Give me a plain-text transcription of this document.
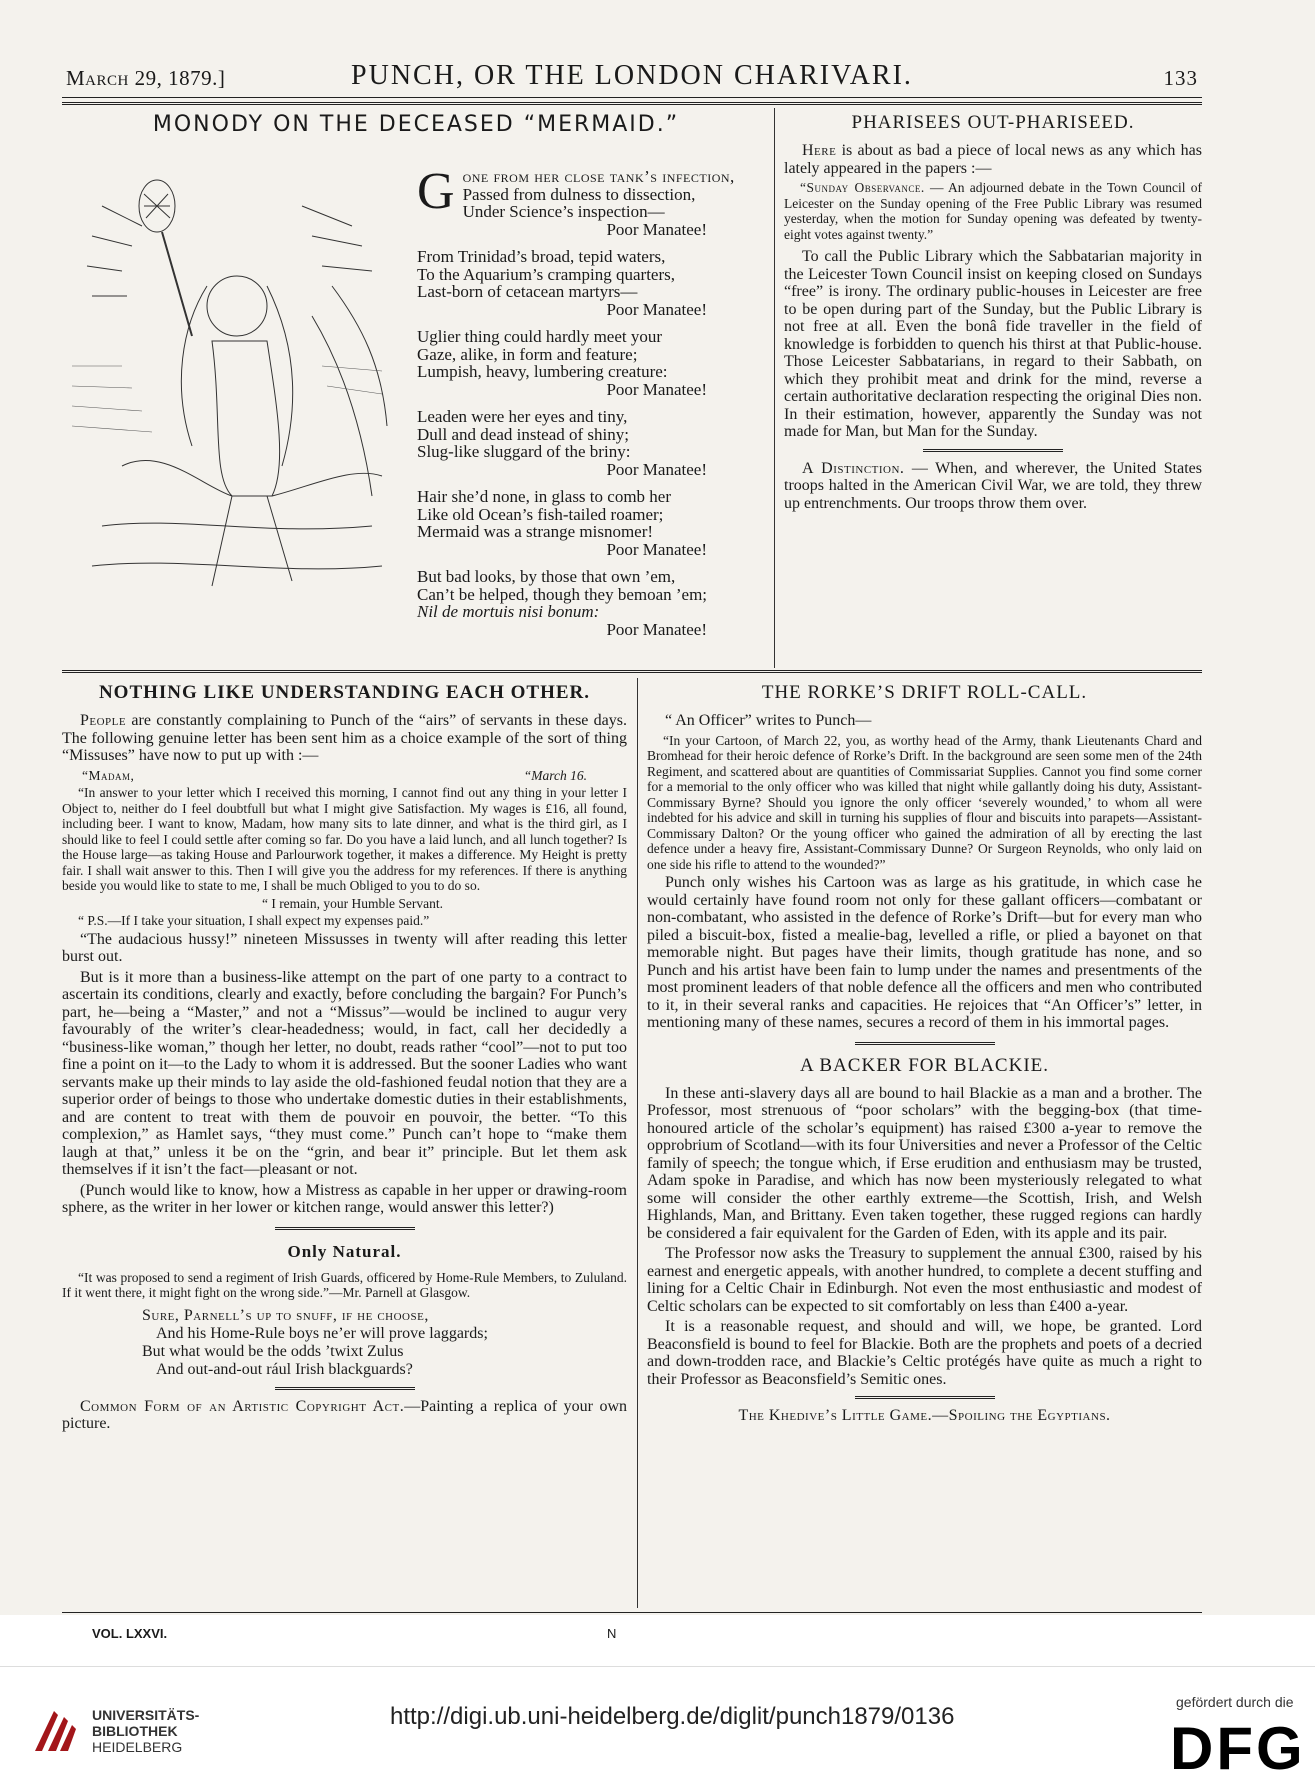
March 29, 1879.]	PUNCH, OR THE LONDON CHARIVARI.	133
MONODY ON THE DECEASED “MERMAID.”
G one from her close tank’s infection,
Passed from dulness to dissection,
Under Science’s inspection—
Poor Manatee!
From Trinidad’s broad, tepid waters,
To the Aquarium’s cramping quarters,
Last-born of cetacean martyrs—
Poor Manatee!
Uglier thing could hardly meet your
Gaze, alike, in form and feature;
Lumpish, heavy, lumbering creature:
Poor Manatee!
Leaden were her eyes and tiny,
Dull and dead instead of shiny;
Slug-like sluggard of the briny:
Poor Manatee!
Hair she’d none, in glass to comb her
Like old Ocean’s fish-tailed roamer;
Mermaid was a strange misnomer!
Poor Manatee!
But bad looks, by those that own ’em,
Can’t be helped, though they bemoan ’em;
Nil de mortuis nisi bonum:
Poor Manatee!
PHARISEES OUT-PHARISEED.

Here is about as bad a piece of local news as any which has lately appeared in the papers :—

“Sunday Observance. — An adjourned debate in the Town Council of Leicester on the Sunday opening of the Free Public Library was resumed yesterday, when the motion for Sunday opening was defeated by twenty-eight votes against twenty.”

To call the Public Library which the Sabbatarian majority in the Leicester Town Council insist on keeping closed on Sundays “free” is irony. The ordinary public-houses in Leicester are free to be open during part of the Sunday, but the Public Library is not free at all. Even the bonâ fide traveller in the field of knowledge is forbidden to quench his thirst at that Public-house. Those Leicester Sabbatarians, in regard to their Sabbath, on which they prohibit meat and drink for the mind, reverse a certain authoritative declaration respecting the original Dies non. In their estimation, however, apparently the Sunday was not made for Man, but Man for the Sunday.

A Distinction. — When, and wherever, the United States troops halted in the American Civil War, we are told, they threw up entrenchments. Our troops throw them over.

NOTHING LIKE UNDERSTANDING EACH OTHER.

People are constantly complaining to Punch of the “airs” of servants in these days. The following genuine letter has been sent him as a choice example of the sort of thing “Missuses” have now to put up with :—

“Madam,	“March 16.

“In answer to your letter which I received this morning, I cannot find out any thing in your letter I Object to, neither do I feel doubtfull but what I might give Satisfaction. My wages is £16, all found, including beer. I want to know, Madam, how many sits to late dinner, and what is the third girl, as I should like to feel I could settle after coming so far. Do you have a laid lunch, and all lunch together? Is the House large—as taking House and Parlourwork together, it makes a difference. My Height is pretty fair. I shall wait answer to this. Then I will give you the address for my references. If there is anything beside you would like to state to me, I shall be much Obliged to you to do so.

“ I remain, your Humble Servant.

“ P.S.—If I take your situation, I shall expect my expenses paid.”

“The audacious hussy!” nineteen Missusses in twenty will after reading this letter burst out.

But is it more than a business-like attempt on the part of one party to a contract to ascertain its conditions, clearly and exactly, before concluding the bargain? For Punch’s part, he—being a “Master,” and not a “Missus”—would be inclined to augur very favourably of the writer’s clear-headedness; would, in fact, call her decidedly a “business-like woman,” though her letter, no doubt, reads rather “cool”—not to put too fine a point on it—to the Lady to whom it is addressed. But the sooner Ladies who want servants make up their minds to lay aside the old-fashioned feudal notion that they are a superior order of beings to those who undertake domestic duties in their establishments, and are content to treat with them de pouvoir en pouvoir, the better. “To this complexion,” as Hamlet says, “they must come.” Punch can’t hope to “make them laugh at that,” unless it be on the “grin, and bear it” principle. But let them ask themselves if it isn’t the fact—pleasant or not.

(Punch would like to know, how a Mistress as capable in her upper or drawing-room sphere, as the writer in her lower or kitchen range, would answer this letter?)

Only Natural.

“It was proposed to send a regiment of Irish Guards, officered by Home-Rule Members, to Zululand. If it went there, it might fight on the wrong side.”—Mr. Parnell at Glasgow.

Sure, Parnell’s up to snuff, if he choose,
And his Home-Rule boys ne’er will prove laggards;
But what would be the odds ’twixt Zulus
And out-and-out rául Irish blackguards?

Common Form of an Artistic Copyright Act.—Painting a replica of your own picture.

THE RORKE’S DRIFT ROLL-CALL.

“ An Officer” writes to Punch—

“In your Cartoon, of March 22, you, as worthy head of the Army, thank Lieutenants Chard and Bromhead for their heroic defence of Rorke’s Drift. In the background are seen some men of the 24th Regiment, and scattered about are quantities of Commissariat Supplies. Cannot you find some corner for a memorial to the only officer who was killed that night while gallantly doing his duty, Assistant-Commissary Byrne? Should you ignore the only officer ‘severely wounded,’ to whom all were indebted for his advice and skill in turning his supplies of flour and biscuits into parapets—Assistant-Commissary Dalton? Or the young officer who gained the admiration of all by erecting the last defence under a heavy fire, Assistant-Commissary Dunne? Or Surgeon Reynolds, who only laid on one side his rifle to attend to the wounded?”

Punch only wishes his Cartoon was as large as his gratitude, in which case he would certainly have found room not only for these gallant officers—combatant or non-combatant, who assisted in the defence of Rorke’s Drift—but for every man who piled a biscuit-box, fisted a mealie-bag, levelled a rifle, or plied a bayonet on that memorable night. But pages have their limits, though gratitude has none, and so Punch and his artist have been fain to lump under the names and presentments of the most prominent leaders of that noble defence all the officers and men who contributed to it, in their several ranks and capacities. He rejoices that “An Officer’s” letter, in mentioning many of these names, secures a record of them in his immortal pages.

A BACKER FOR BLACKIE.

In these anti-slavery days all are bound to hail Blackie as a man and a brother. The Professor, most strenuous of “poor scholars” with the begging-box (that time-honoured article of the scholar’s equipment) has raised £300 a-year to remove the opprobrium of Scotland—with its four Universities and never a Professor of the Celtic family of speech; the tongue which, if Erse erudition and enthusiasm may be trusted, Adam spoke in Paradise, and which has now been mysteriously relegated to what some will consider the other earthly extreme—the Scottish, Irish, and Welsh Highlands, Man, and Brittany. Even taken together, these rugged regions can hardly be considered a fair equivalent for the Garden of Eden, with its apple and its pair.

The Professor now asks the Treasury to supplement the annual £300, raised by his earnest and energetic appeals, with another hundred, to complete a decent stuffing and lining for a Celtic Chair in Edinburgh. Not even the most enthusiastic and modest of Celtic scholars can be expected to sit comfortably on less than £400 a-year.

It is a reasonable request, and should and will, we hope, be granted. Lord Beaconsfield is bound to feel for Blackie. Both are the prophets and poets of a decried and down-trodden race, and Blackie’s Celtic protégés have quite as much a right to their Professor as Beaconsfield’s Semitic ones.

The Khedive’s Little Game.—Spoiling the Egyptians.

VOL. LXXVI.	N
UNIVERSITÄTS-
BIBLIOTHEK
HEIDELBERG
http://digi.ub.uni-heidelberg.de/diglit/punch1879/0136
gefördert durch die
DFG
